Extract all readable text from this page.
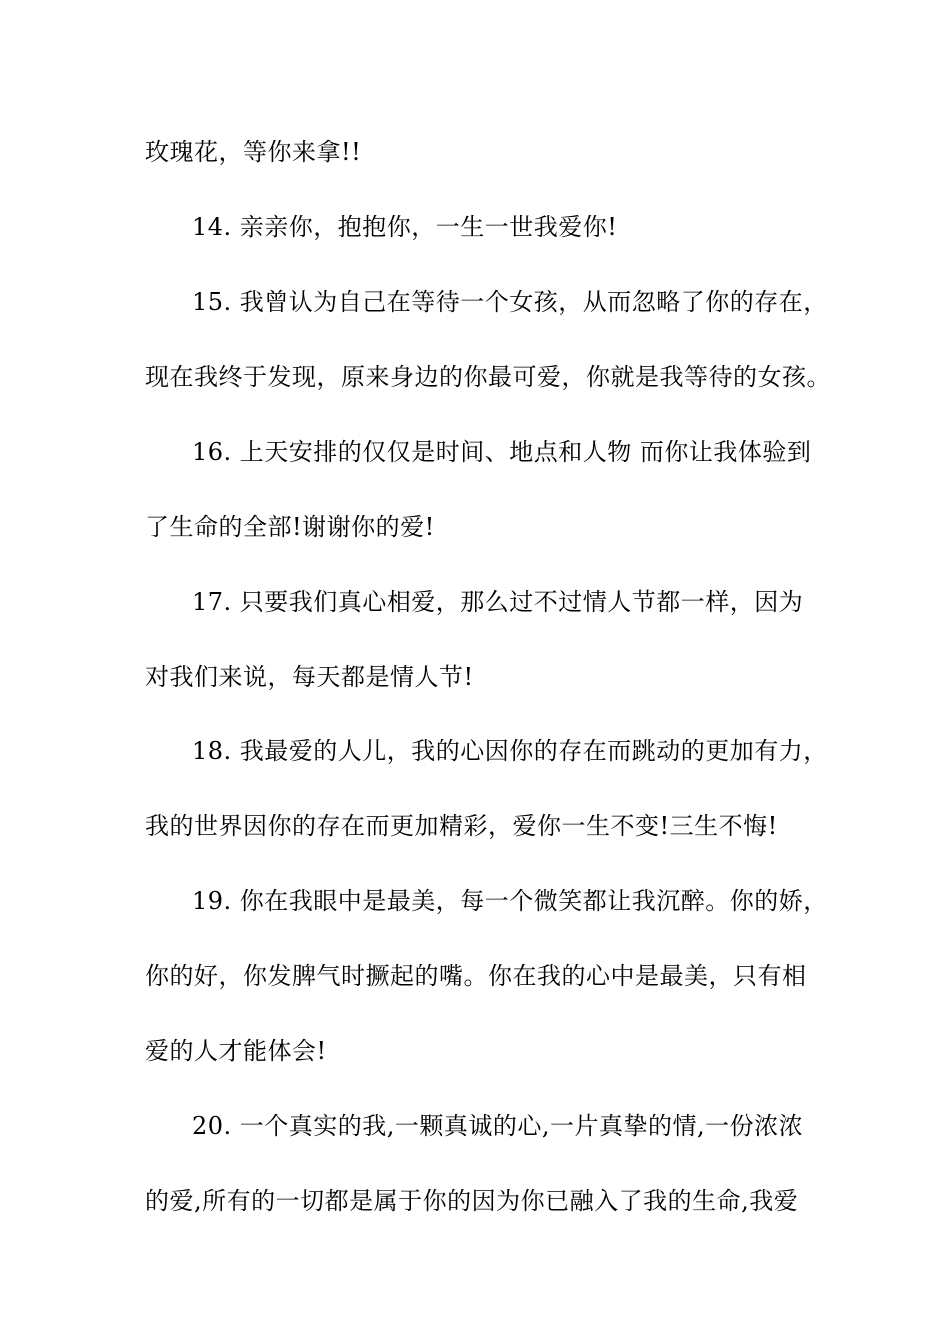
玫瑰花，等你来拿!!
14. 亲亲你，抱抱你，一生一世我爱你!
15. 我曾认为自己在等待一个女孩，从而忽略了你的存在，
现在我终于发现，原来身边的你最可爱，你就是我等待的女孩。
16. 上天安排的仅仅是时间、地点和人物 而你让我体验到
了生命的全部!谢谢你的爱!
17. 只要我们真心相爱，那么过不过情人节都一样，因为
对我们来说，每天都是情人节!
18. 我最爱的人儿，我的心因你的存在而跳动的更加有力，
我的世界因你的存在而更加精彩，爱你一生不变!三生不悔!
19. 你在我眼中是最美，每一个微笑都让我沉醉。你的娇，
你的好，你发脾气时撅起的嘴。你在我的心中是最美，只有相
爱的人才能体会!
20. 一个真实的我,一颗真诚的心,一片真挚的情,一份浓浓
的爱,所有的一切都是属于你的因为你已融入了我的生命,我爱
